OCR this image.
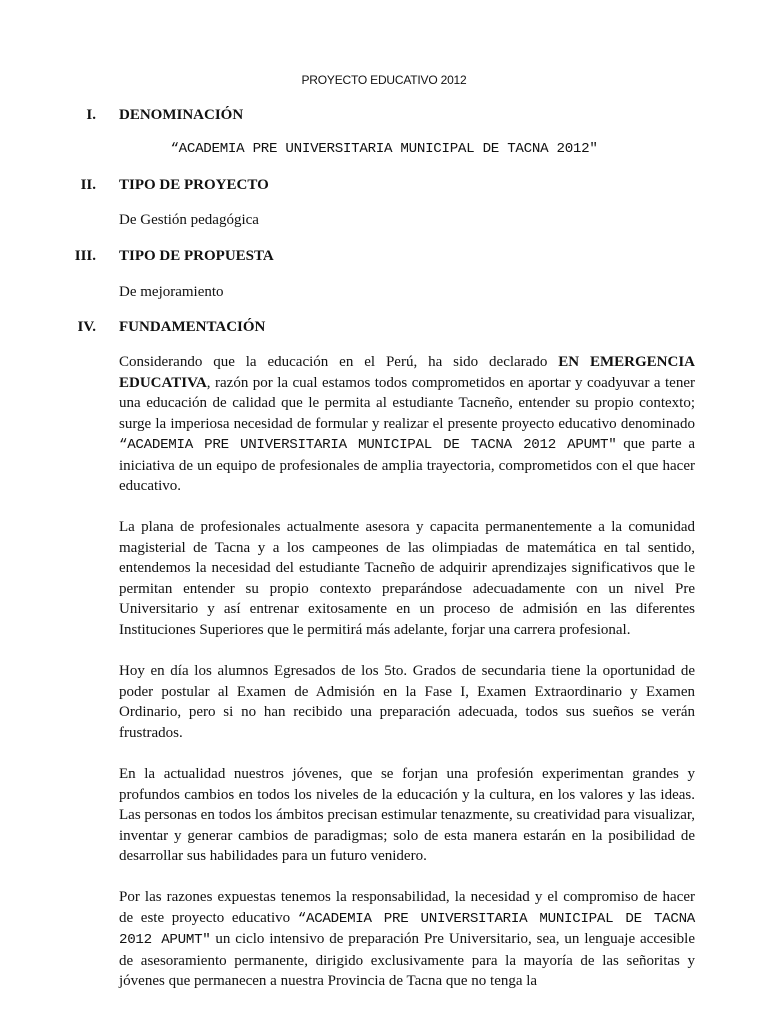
PROYECTO EDUCATIVO 2012
I. DENOMINACIÓN
“ACADEMIA PRE UNIVERSITARIA MUNICIPAL DE TACNA 2012"
II. TIPO DE PROYECTO
De Gestión pedagógica
III. TIPO DE PROPUESTA
De mejoramiento
IV. FUNDAMENTACIÓN
Considerando que la educación en el Perú, ha sido declarado EN EMERGENCIA EDUCATIVA, razón por la cual estamos todos comprometidos en aportar y coadyuvar a tener una educación de calidad que le permita al estudiante Tacneño, entender su propio contexto; surge la imperiosa necesidad de formular y realizar el presente proyecto educativo denominado “ACADEMIA PRE UNIVERSITARIA MUNICIPAL DE TACNA 2012 APUMT" que parte a iniciativa de un equipo de profesionales de amplia trayectoria, comprometidos con el que hacer educativo.
La plana de profesionales actualmente asesora y capacita permanentemente a la comunidad magisterial de Tacna y a los campeones de las olimpiadas de matemática en tal sentido, entendemos la necesidad del estudiante Tacneño de adquirir aprendizajes significativos que le permitan entender su propio contexto preparándose adecuadamente con un nivel Pre Universitario y así entrenar exitosamente en un proceso de admisión en las diferentes Instituciones Superiores que le permitirá más adelante, forjar una carrera profesional.
Hoy en día los alumnos Egresados de los 5to. Grados de secundaria tiene la oportunidad de poder postular al Examen de Admisión en la Fase I, Examen Extraordinario y Examen Ordinario, pero si no han recibido una preparación adecuada, todos sus sueños se verán frustrados.
En la actualidad nuestros jóvenes, que se forjan una profesión experimentan grandes y profundos cambios en todos los niveles de la educación y la cultura, en los valores y las ideas. Las personas en todos los ámbitos precisan estimular tenazmente, su creatividad para visualizar, inventar y generar cambios de paradigmas; solo de esta manera estarán en la posibilidad de desarrollar sus habilidades para un futuro venidero.
Por las razones expuestas tenemos la responsabilidad, la necesidad y el compromiso de hacer de este proyecto educativo “ACADEMIA PRE UNIVERSITARIA MUNICIPAL DE TACNA 2012 APUMT" un ciclo intensivo de preparación Pre Universitario, sea, un lenguaje accesible de asesoramiento permanente, dirigido exclusivamente para la mayoría de las señoritas y jóvenes que permanecen a nuestra Provincia de Tacna que no tenga la
